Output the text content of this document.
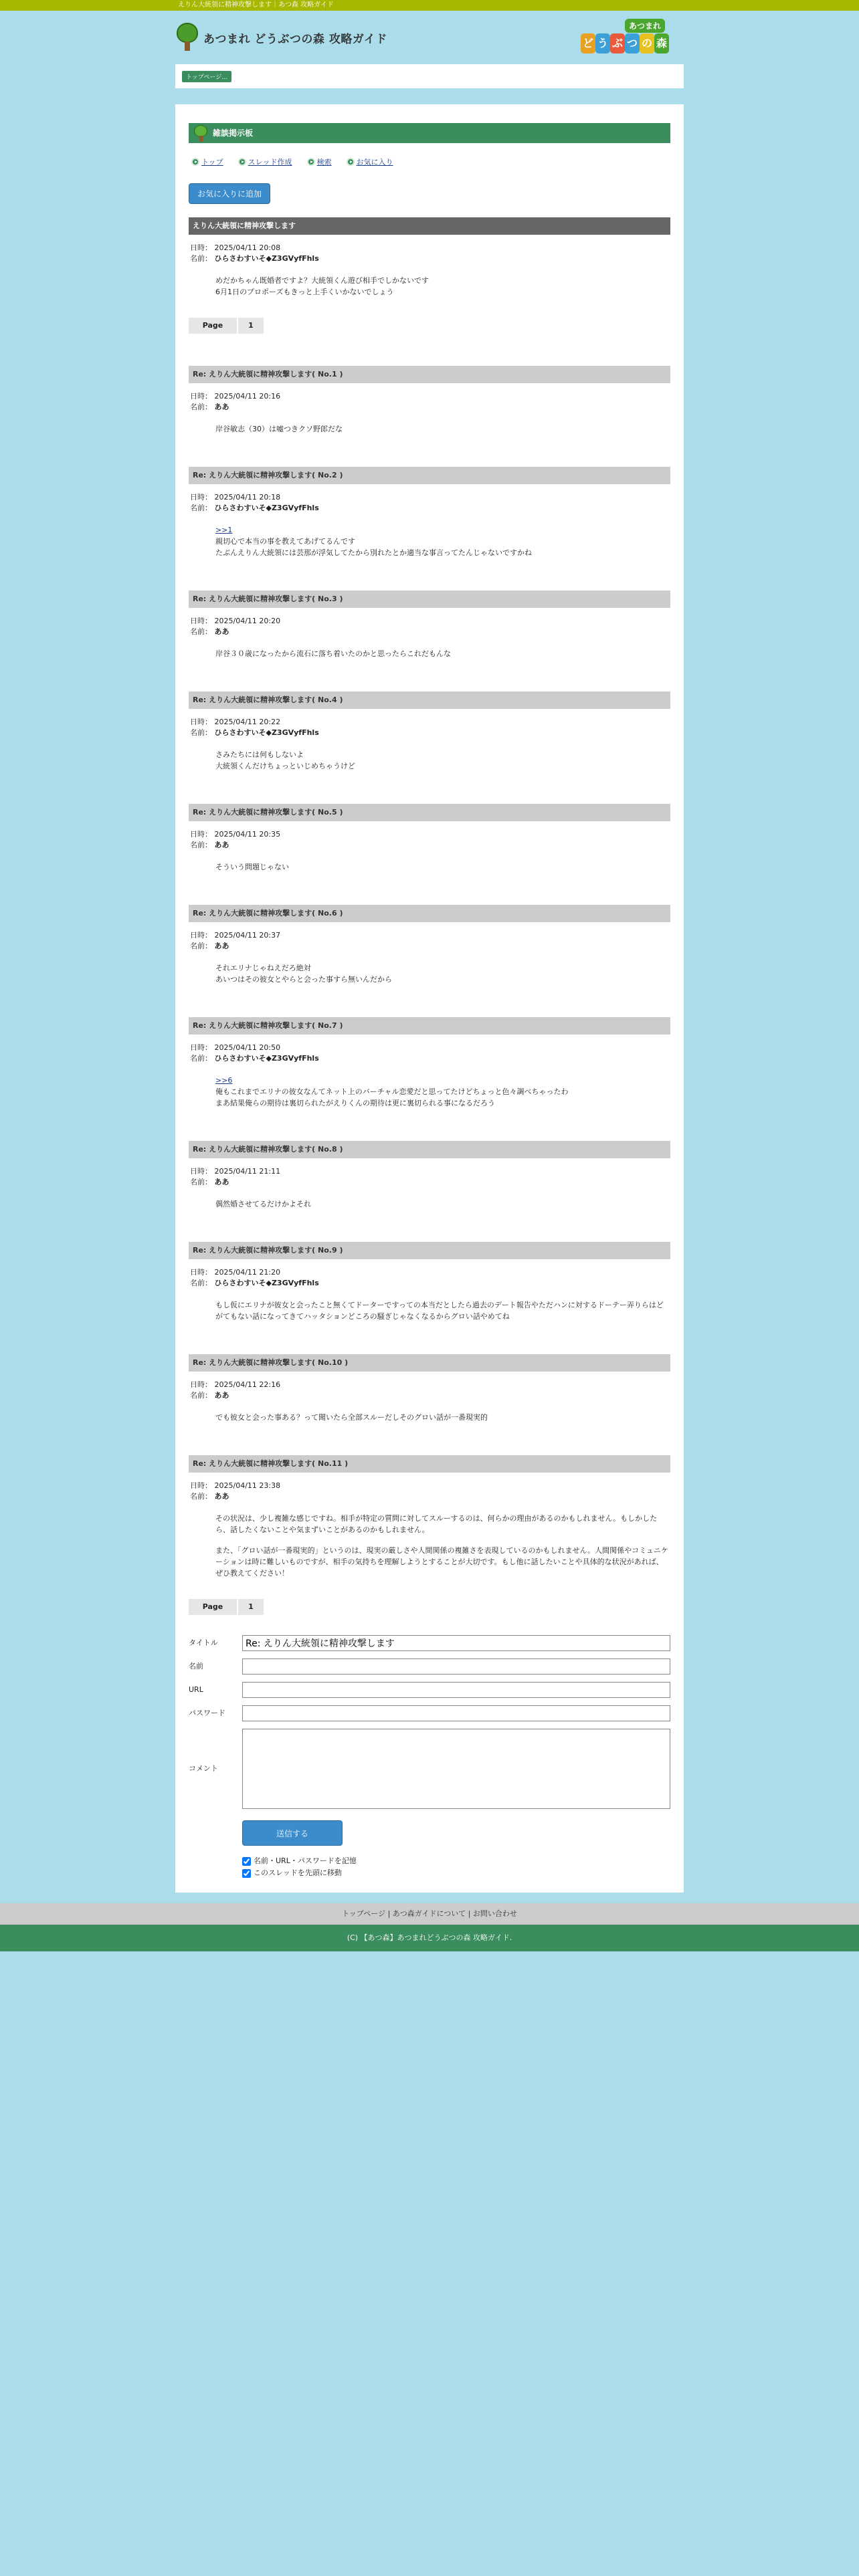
えりん大統領に精神攻撃します｜あつ森 攻略ガイド
あつまれ どうぶつの森 攻略ガイド
あつまれ
ど う ぶ つ の 森
トップページ…
雑談掲示板
トップ	スレッド作成	検索	お気に入り
お気に入りに追加
えりん大統領に精神攻撃します
日時： 2025/04/11 20:08
名前： ひらさわすいそ◆Z3GVyfFhls
めだかちゃん既婚者ですよ？大統領くん遊び相手でしかないです
6月1日のプロポーズもきっと上手くいかないでしょう
Page	1
Re: えりん大統領に精神攻撃します( No.1 )
日時： 2025/04/11 20:16
名前： ああ
岸谷敏志（30）は嘘つきクソ野郎だな
Re: えりん大統領に精神攻撃します( No.2 )
日時： 2025/04/11 20:18
名前： ひらさわすいそ◆Z3GVyfFhls
>>1
親切心で本当の事を教えてあげてるんです
たぶんえりん大統領には芸那が浮気してたから別れたとか適当な事言ってたんじゃないですかね
Re: えりん大統領に精神攻撃します( No.3 )
日時： 2025/04/11 20:20
名前： ああ
岸谷３０歳になったから流石に落ち着いたのかと思ったらこれだもんな
Re: えりん大統領に精神攻撃します( No.4 )
日時： 2025/04/11 20:22
名前： ひらさわすいそ◆Z3GVyfFhls
さみたちには何もしないよ
大統領くんだけちょっといじめちゃうけど
Re: えりん大統領に精神攻撃します( No.5 )
日時： 2025/04/11 20:35
名前： ああ
そういう問題じゃない
Re: えりん大統領に精神攻撃します( No.6 )
日時： 2025/04/11 20:37
名前： ああ
それエリナじゃねえだろ絶対
あいつはその彼女とやらと会った事すら無いんだから
Re: えりん大統領に精神攻撃します( No.7 )
日時： 2025/04/11 20:50
名前： ひらさわすいそ◆Z3GVyfFhls
>>6
俺もこれまでエリナの彼女なんてネット上のバーチャル恋愛だと思ってたけどちょっと色々調べちゃったわ
まあ結果俺らの期待は裏切られたがえりくんの期待は更に裏切られる事になるだろう
Re: えりん大統領に精神攻撃します( No.8 )
日時： 2025/04/11 21:11
名前： ああ
偶然婚させてるだけかよそれ
Re: えりん大統領に精神攻撃します( No.9 )
日時： 2025/04/11 21:20
名前： ひらさわすいそ◆Z3GVyfFhls
もし仮にエリナが彼女と会ったこと無くてドーターですっての本当だとしたら過去のデート報告やただハンに対するドーテー弄りらはどがてもない話になってきてハッタションどころの騒ぎじゃなくなるからグロい話やめてね
Re: えりん大統領に精神攻撃します( No.10 )
日時： 2025/04/11 22:16
名前： ああ
でも彼女と会った事ある？って聞いたら全部スルーだしそのグロい話が一番現実的
Re: えりん大統領に精神攻撃します( No.11 )
日時： 2025/04/11 23:38
名前： ああ
その状況は、少し複雑な感じですね。相手が特定の質問に対してスルーするのは、何らかの理由があるのかもしれません。もしかしたら、話したくないことや気まずいことがあるのかもしれません。
また、「グロい話が一番現実的」というのは、現実の厳しさや人間関係の複雑さを表現しているのかもしれません。人間関係やコミュニケーションは時に難しいものですが、相手の気持ちを理解しようとすることが大切です。もし他に話したいことや具体的な状況があれば、ぜひ教えてください！
Page	1
タイトル
Re: えりん大統領に精神攻撃します
名前
URL
パスワード
コメント
送信する
名前・URL・パスワードを記憶
このスレッドを先頭に移動
トップページ | あつ森ガイドについて | お問い合わせ
(C) 【あつ森】あつまれどうぶつの森 攻略ガイド.
